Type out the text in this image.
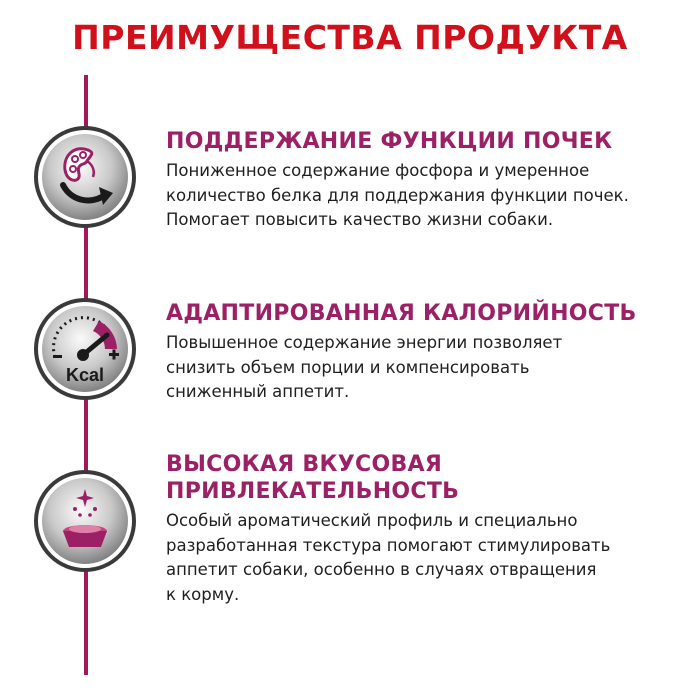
ПРЕИМУЩЕСТВА ПРОДУКТА
Kcal
ПОДДЕРЖАНИЕ ФУНКЦИИ ПОЧЕК

Пониженное содержание фосфора и умеренное
количество белка для поддержания функции почек.
Помогает повысить качество жизни собаки.

АДАПТИРОВАННАЯ КАЛОРИЙНОСТЬ

Повышенное содержание энергии позволяет
снизить объем порции и компенсировать
сниженный аппетит.

ВЫСОКАЯ ВКУСОВАЯ
ПРИВЛЕКАТЕЛЬНОСТЬ

Особый ароматический профиль и специально
разработанная текстура помогают стимулировать
аппетит собаки, особенно в случаях отвращения
к корму.
